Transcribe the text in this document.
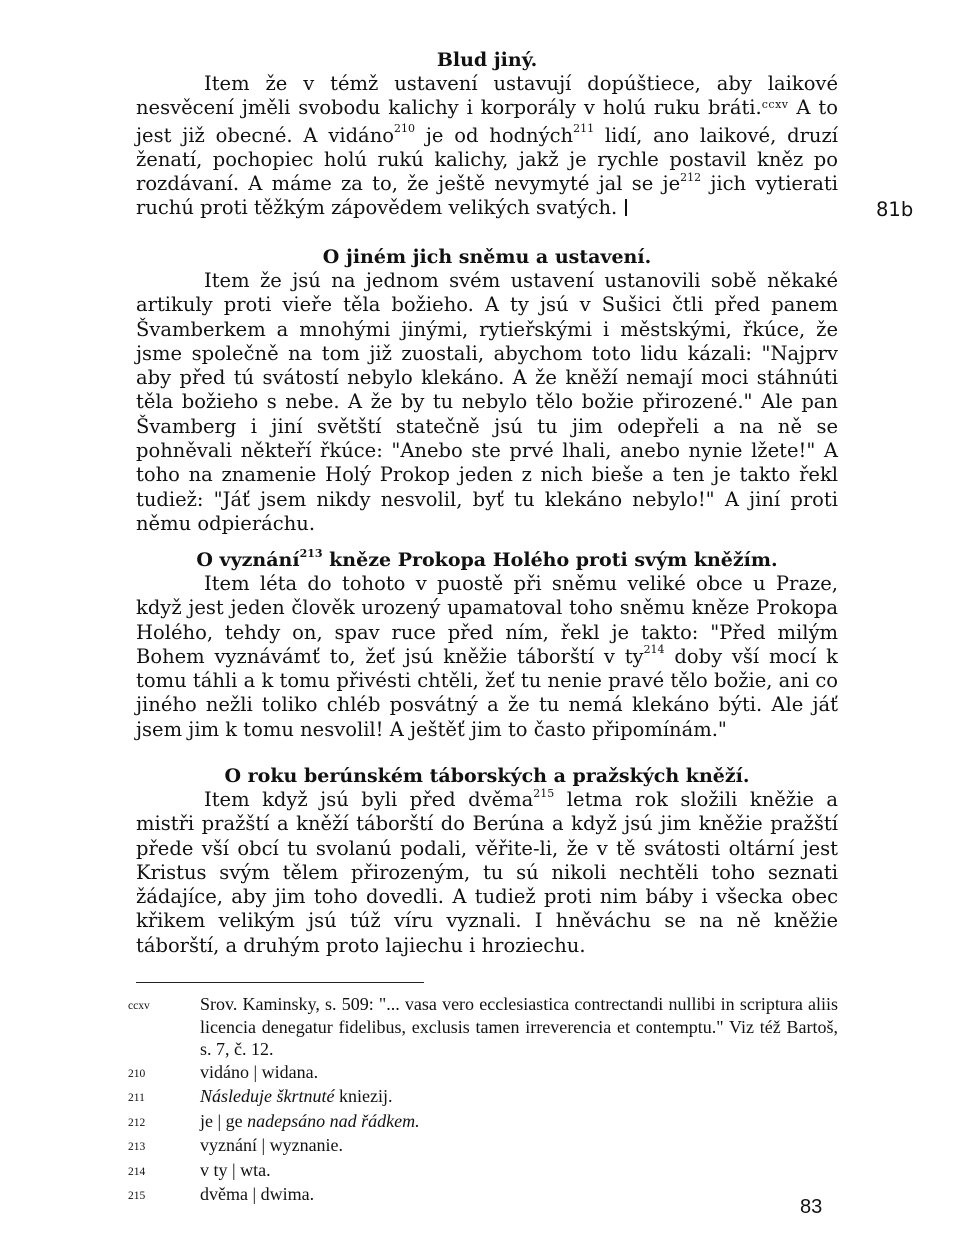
Blud jiný.

Item že v témž ustavení ustavují dopúštiece, aby laikové nesvěcení jměli svobodu kalichy i korporály v holú ruku bráti.$^{ccxv}$ A to jest již obecné. A vidáno$^{210}$ je od hodných$^{211}$ lidí, ano laikové, druzí ženatí, pochopiec holú rukú kalichy, jakž je rychle postavil kněz po rozdávaní. A máme za to, že ještě nevymyté jal se $je^{212}$ jich vytierati ruchú proti těžkým zápovědem velikých svatých.	81b

O jiném jich sněmu a ustavení.

Item že jsú na jednom svém ustavení ustanovili sobě někaké artikuly proti vieře těla božieho. A ty jsú v Sušici čtli před panem Švamberkem a mnohými jinými, rytieřskými i městskými, řkúce, že jsme společně na tom již zuostali, abychom toto lidu kázali: "Najprv aby před tú svátostí nebylo klekáno. A že kněží nemají moci stáhnúti těla božieho s nebe. A že by tu nebylo tělo božie přirozené." Ale pan Švamberg i jiní světští statečně jsú tu jim odepřeli a na ně se pohněvali někteří řkúce: "Anebo ste prvé lhali, anebo nynie lžete!" A toho na znamenie Holý Prokop jeden z nich bieše a ten je takto řekl tudiež: "Jáť jsem nikdy nesvolil, byť tu klekáno nebylo!" A jiní proti němu odpieráchu.

O vyznání$^{213}$ kněze Prokopa Holého proti svým kněžím.

Item léta do tohoto v puostě při sněmu veliké obce u Praze, když jest jeden člověk urozený upamatoval toho sněmu kněze Prokopa Holého, tehdy on, spav ruce před ním, řekl je takto: "Před milým Bohem vyznávámť to, žeť jsú kněžie táborští v $ty^{214}$ doby vší mocí k tomu táhli a k tomu přivésti chtěli, žeť tu nenie pravé tělo božie, ani co jiného nežli toliko chléb posvátný a že tu nemá klekáno býti. Ale jáť jsem jim k tomu nesvolil! A ještěť jim to často připomínám."

O roku berúnském táborských a pražských kněží.

Item když jsú byli před dvěma$^{215}$ letma rok složili kněžie a mistři pražští a kněží táborští do Berúna a když jsú jim kněžie pražští přede vší obcí tu svolanú podali, věřite-li, že v tě svátosti oltární jest Kristus svým tělem přirozeným, tu sú nikoli nechtěli toho seznati žádajíce, aby jim toho dovedli. A tudiež proti nim báby i všecka obec křikem velikým jsú túž víru vyznali. I hněváchu se na ně kněžie táborští, a druhým proto lajiechu i hroziechu.

ccxv	Srov. Kaminsky, s. 509: "... vasa vero ecclesiastica contrectandi nullibi in scriptura aliis licencia denegatur fidelibus, exclusis tamen irreverencia et contemptu." Viz též Bartoš, s. 7, č. 12.
210	vidáno | widana.
211	Následuje škrtnuté kniezij.
212	je | ge nadepsáno nad řádkem.
213	vyznání | wyznanie.
214	v ty | wta.
215	dvěma | dwima.
83
